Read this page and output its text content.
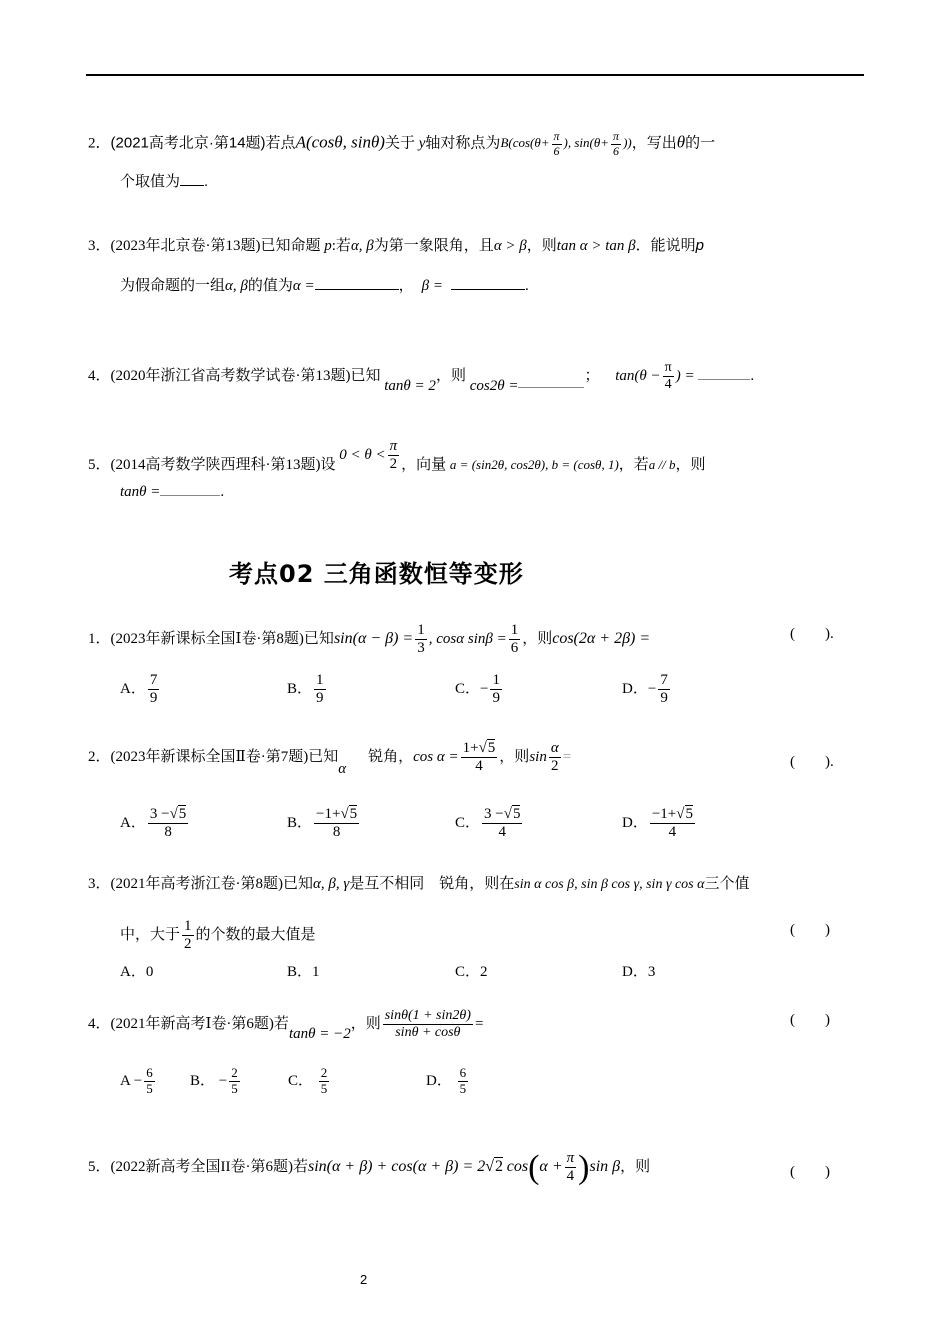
2．(2021高考北京·第14题)若点A(cosθ, sinθ)关于 y轴对称点为$B(\cos(\theta+ \frac{\pi}{6}$ ), $\sin(\theta+ \frac{\pi}{6}$ ))，写出θ的一
个取值为 .
3．(2023年北京卷·第13题)已知命题 p:若α, β为第一象限角，且α > β，则tan α > tan β．能说明p
为假命题的一组α, β的值为α =	， β =	.
4．(2020年浙江省高考数学试卷·第13题)已知 tanθ = 2，则 cos2θ =； $\tan(\theta - \frac{\pi}{4}$ ) =	.
5．(2014高考数学陕西理科·第13题)设 $0 < \theta < \frac{\pi}{2}$ ，向量 a = (sin2θ, cos2θ), b = (cosθ, 1)，若a // b，则
tanθ =	.
考点02 三角函数恒等变形
1．(2023年新课标全国Ⅰ卷·第8题)已知$\sin(\alpha - \beta) = \frac{1}{3}$ , cosα $\sin\beta = \frac{1}{6}$ ，则cos(2α + 2β) =	(　　).
A． $\frac{7}{9}$	B． $\frac{1}{9}$	C．− $\frac{1}{9}$	D．− $\frac{7}{9}$
2．(2023年新课标全国Ⅱ卷·第7题)已知α锐角，$\cos \alpha = \frac{1+√5}{4}$ ，则$\sin \frac{\alpha}{2}$ =	(　　).
A． $\frac{3 -√5}{8}$	B． $\frac{-1+√5}{8}$	C． $\frac{3 -√5}{4}$	D． $\frac{-1+√5}{4}$
3．(2021年高考浙江卷·第8题)已知α, β, γ是互不相同　锐角，则在sin α cos β, sin β cos γ, sin γ cos α三个值
中，大于 $\frac{1}{2}$ 的个数的最大值是	(　　)
A．0	B．1	C．2	D．3
4．(2021年新高考Ⅰ卷·第6题)若tanθ = −2，则 $\frac{\sin\theta(1 + \sin 2\theta)}{\sin\theta + \cos\theta}$ =	(　　)
$A - \frac{6}{5}$ B． − $\frac{2}{5}$	C． $\frac{2}{5}$	D． $\frac{6}{5}$
5．(2022新高考全国II卷·第6题)若sin(α + β) + cos(α + β) = 2√2 $\cos(\alpha + \frac{\pi}{4} )\sin$ β，则	(　　)
2
